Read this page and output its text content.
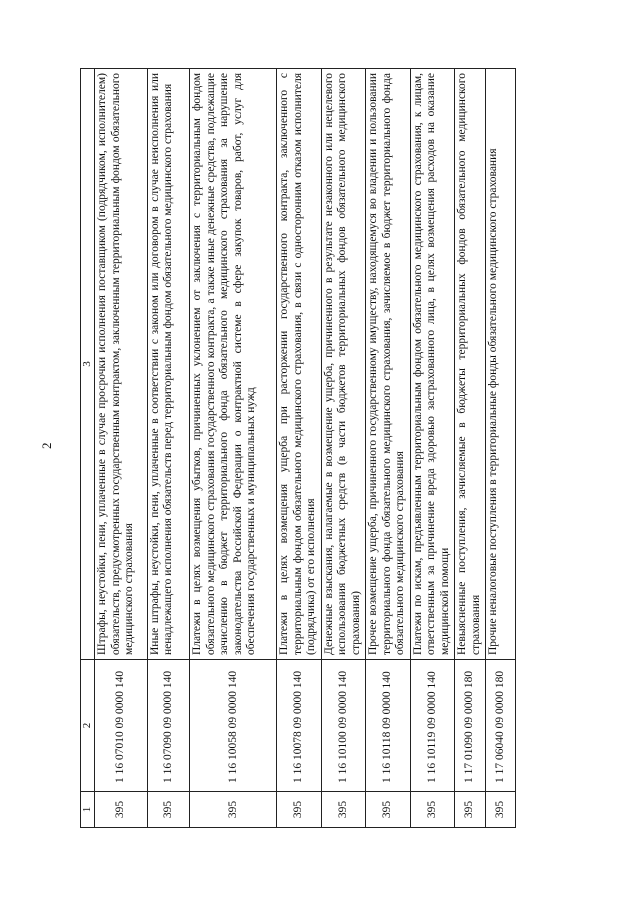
2
1	2	3
395	1 16 07010 09 0000 140	Штрафы, неустойки, пени, уплаченные в случае просрочки исполнения поставщиком (подрядчиком, исполнителем) обязательств, предусмотренных государственным контрактом, заключенным территориальным фондом обязательного медицинского страхования
395	1 16 07090 09 0000 140	Иные штрафы, неустойки, пени, уплаченные в соответствии с законом или договором в случае неисполнения или ненадлежащего исполнения обязательств перед территориальным фондом обязательного медицинского страхования
395	1 16 10058 09 0000 140	Платежи в целях возмещения убытков, причиненных уклонением от заключения с территориальным фондом обязательного медицинского страхования государственного контракта, а также иные денежные средства, подлежащие зачислению в бюджет территориального фонда обязательного медицинского страхования за нарушение законодательства Российской Федерации о контрактной системе в сфере закупок товаров, работ, услуг для обеспечения государственных и муниципальных нужд
395	1 16 10078 09 0000 140	Платежи в целях возмещения ущерба при расторжении государственного контракта, заключенного с территориальным фондом обязательного медицинского страхования, в связи с односторонним отказом исполнителя (подрядчика) от его исполнения
395	1 16 10100 09 0000 140	Денежные взыскания, налагаемые в возмещение ущерба, причиненного в результате незаконного или нецелевого использования бюджетных средств (в части бюджетов территориальных фондов обязательного медицинского страхования)
395	1 16 10118 09 0000 140	Прочее возмещение ущерба, причиненного государственному имуществу, находящемуся во владении и пользовании территориального фонда обязательного медицинского страхования, зачисляемое в бюджет территориального фонда обязательного медицинского страхования
395	1 16 10119 09 0000 140	Платежи по искам, предъявленным территориальным фондом обязательного медицинского страхования, к лицам, ответственным за причинение вреда здоровью застрахованного лица, в целях возмещения расходов на оказание медицинской помощи
395	1 17 01090 09 0000 180	Невыясненные поступления, зачисляемые в бюджеты территориальных фондов обязательного медицинского страхования
395	1 17 06040 09 0000 180	Прочие неналоговые поступления в территориальные фонды обязательного медицинского страхования
